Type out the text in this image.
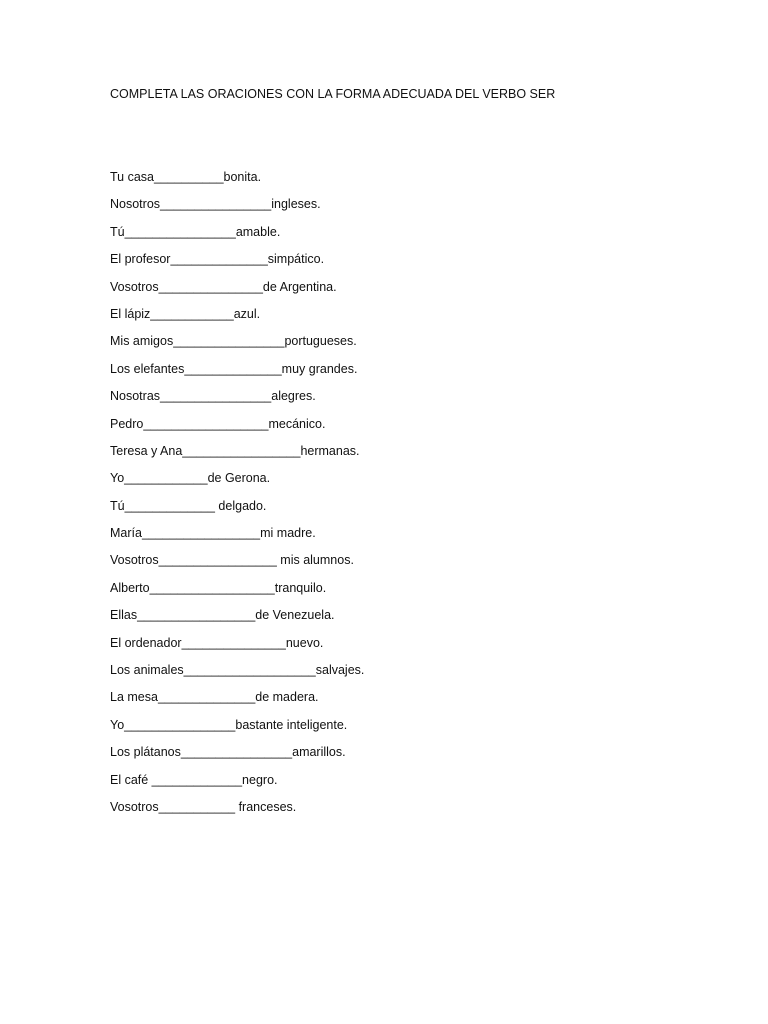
COMPLETA LAS ORACIONES CON LA FORMA ADECUADA DEL VERBO SER
Tu casa__________bonita.
Nosotros________________ingleses.
Tú________________amable.
El profesor______________simpático.
Vosotros_______________de Argentina.
El lápiz____________azul.
Mis amigos________________portugueses.
Los elefantes______________muy grandes.
Nosotras________________alegres.
Pedro__________________mecánico.
Teresa y Ana_________________hermanas.
Yo____________de Gerona.
Tú_____________ delgado.
María_________________mi madre.
Vosotros_________________ mis alumnos.
Alberto__________________tranquilo.
Ellas_________________de Venezuela.
El ordenador_______________nuevo.
Los animales___________________salvajes.
La mesa______________de madera.
Yo________________bastante inteligente.
Los plátanos________________amarillos.
El café _____________negro.
Vosotros___________ franceses.
